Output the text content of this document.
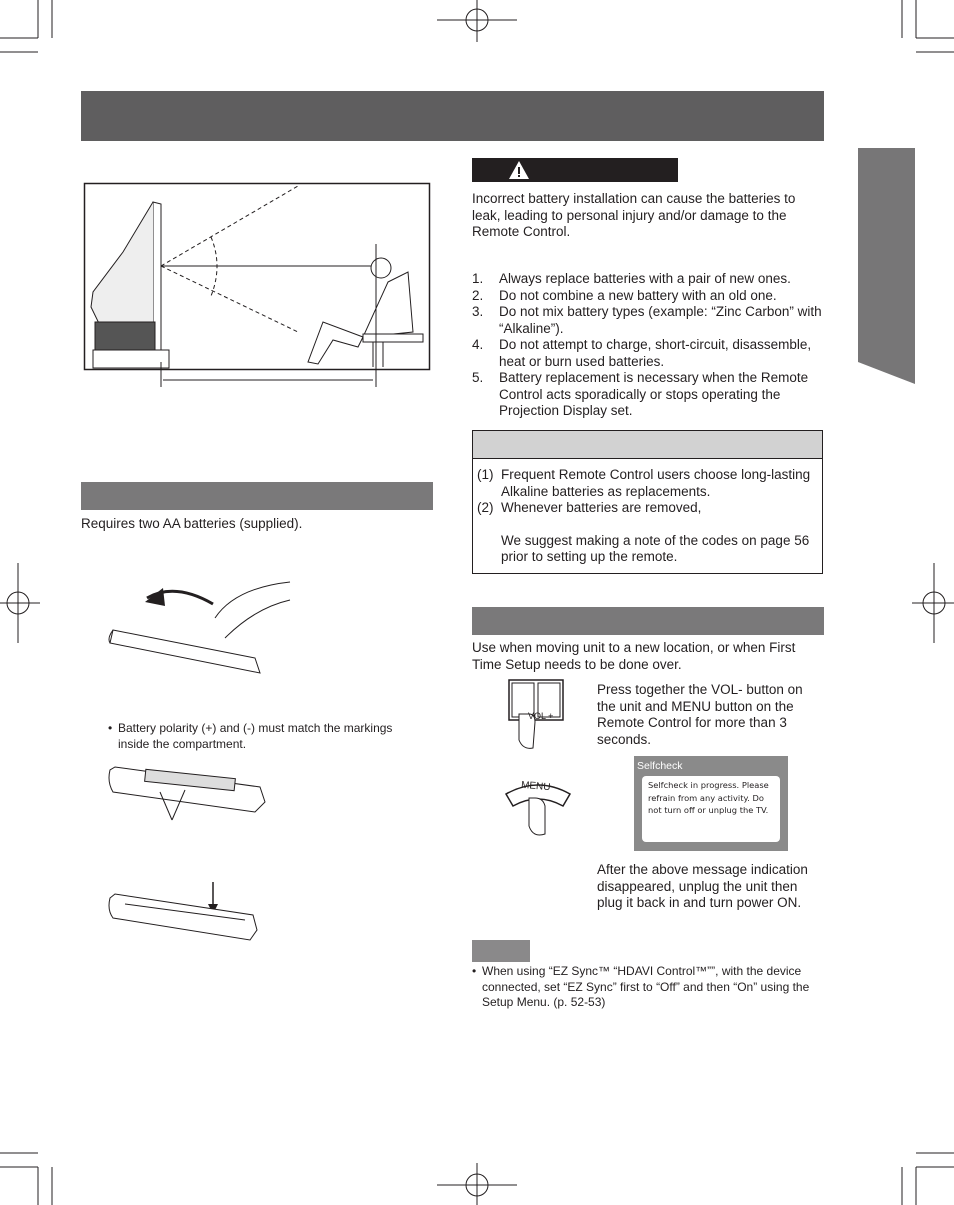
Requires two AA batteries (supplied).
• Battery polarity (+) and (-) must match the markings inside the compartment.
Incorrect battery installation can cause the batteries to leak, leading to personal injury and/or damage to the Remote Control.
1. Always replace batteries with a pair of new ones.
2. Do not combine a new battery with an old one.
3. Do not mix battery types (example: “Zinc Carbon” with “Alkaline”).
4. Do not attempt to charge, short-circuit, disassemble, heat or burn used batteries.
5. Battery replacement is necessary when the Remote Control acts sporadically or stops operating the Projection Display set.
(1) Frequent Remote Control users choose long-lasting Alkaline batteries as replacements.
(2) Whenever batteries are removed,
We suggest making a note of the codes on page 56 prior to setting up the remote.
Use when moving unit to a new location, or when First Time Setup needs to be done over.
VOL +
Press together the VOL- button on the unit and MENU button on the Remote Control for more than 3 seconds.
MENU
Selfcheck
Selfcheck in progress. Please refrain from any activity. Do not turn off or unplug the TV.
After the above message indication disappeared, unplug the unit then plug it back in and turn power ON.
• When using “EZ Sync™ “HDAVI Control™””, with the device connected, set “EZ Sync” first to “Off” and then “On” using the Setup Menu. (p. 52-53)
